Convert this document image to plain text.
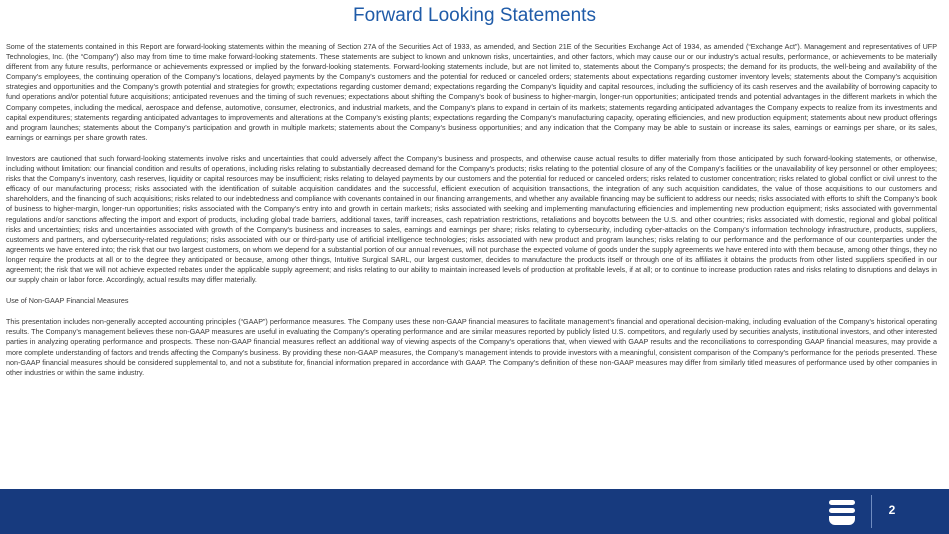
Forward Looking Statements

Some of the statements contained in this Report are forward-looking statements within the meaning of Section 27A of the Securities Act of 1933, as amended, and Section 21E of the Securities Exchange Act of 1934, as amended (“Exchange Act”). Management and representatives of UFP Technologies, Inc. (the “Company”) also may from time to time make forward-looking statements. These statements are subject to known and unknown risks, uncertainties, and other factors, which may cause our or our industry’s actual results, performance, or achievements to be materially different from any future results, performance or achievements expressed or implied by the forward-looking statements. Forward-looking statements include, but are not limited to, statements about the Company’s prospects; the demand for its products, the well-being and availability of the Company’s employees, the continuing operation of the Company’s locations, delayed payments by the Company’s customers and the potential for reduced or canceled orders; statements about expectations regarding customer inventory levels; statements about the Company’s acquisition strategies and opportunities and the Company’s growth potential and strategies for growth; expectations regarding customer demand; expectations regarding the Company’s liquidity and capital resources, including the sufficiency of its cash reserves and the availability of borrowing capacity to fund operations and/or potential future acquisitions; anticipated revenues and the timing of such revenues; expectations about shifting the Company’s book of business to higher-margin, longer-run opportunities; anticipated trends and potential advantages in the different markets in which the Company competes, including the medical, aerospace and defense, automotive, consumer, electronics, and industrial markets, and the Company’s plans to expand in certain of its markets; statements regarding anticipated advantages the Company expects to realize from its investments and capital expenditures; statements regarding anticipated advantages to improvements and alterations at the Company’s existing plants; expectations regarding the Company’s manufacturing capacity, operating efficiencies, and new production equipment; statements about new product offerings and program launches; statements about the Company’s participation and growth in multiple markets; statements about the Company’s business opportunities; and any indication that the Company may be able to sustain or increase its sales, earnings or earnings per share, or its sales, earnings or earnings per share growth rates.

Investors are cautioned that such forward-looking statements involve risks and uncertainties that could adversely affect the Company’s business and prospects, and otherwise cause actual results to differ materially from those anticipated by such forward-looking statements, or otherwise, including without limitation: our financial condition and results of operations, including risks relating to substantially decreased demand for the Company’s products; risks relating to the potential closure of any of the Company’s facilities or the unavailability of key personnel or other employees; risks that the Company’s inventory, cash reserves, liquidity or capital resources may be insufficient; risks relating to delayed payments by our customers and the potential for reduced or canceled orders; risks related to customer concentration; risks related to global conflict or civil unrest to the efficacy of our manufacturing process; risks associated with the identification of suitable acquisition candidates and the successful, efficient execution of acquisition transactions, the integration of any such acquisition candidates, the value of those acquisitions to our customers and shareholders, and the financing of such acquisitions; risks related to our indebtedness and compliance with covenants contained in our financing arrangements, and whether any available financing may be sufficient to address our needs; risks associated with efforts to shift the Company’s book of business to higher-margin, longer-run opportunities; risks associated with the Company’s entry into and growth in certain markets; risks associated with seeking and implementing manufacturing efficiencies and implementing new production equipment; risks associated with governmental regulations and/or sanctions affecting the import and export of products, including global trade barriers, additional taxes, tariff increases, cash repatriation restrictions, retaliations and boycotts between the U.S. and other countries; risks associated with domestic, regional and global political risks and uncertainties; risks and uncertainties associated with growth of the Company’s business and increases to sales, earnings and earnings per share; risks relating to cybersecurity, including cyber-attacks on the Company’s information technology infrastructure, products, suppliers, customers and partners, and cybersecurity-related regulations; risks associated with our or third-party use of artificial intelligence technologies; risks associated with new product and program launches; risks relating to our performance and the performance of our counterparties under the agreements we have entered into; the risk that our two largest customers, on whom we depend for a substantial portion of our annual revenues, will not purchase the expected volume of goods under the supply agreements we have entered into with them because, among other things, they no longer require the products at all or to the degree they anticipated or because, among other things, Intuitive Surgical SARL, our largest customer, decides to manufacture the products itself or through one of its affiliates it obtains the products from other listed suppliers specified in our agreement; the risk that we will not achieve expected rebates under the applicable supply agreement; and risks relating to our ability to maintain increased levels of production at profitable levels, if at all; or to continue to increase production rates and risks relating to disruptions and delays in our supply chain or labor force. Accordingly, actual results may differ materially.

Use of Non-GAAP Financial Measures

This presentation includes non-generally accepted accounting principles (“GAAP”) performance measures. The Company uses these non-GAAP financial measures to facilitate management’s financial and operational decision-making, including evaluation of the Company’s historical operating results. The Company’s management believes these non-GAAP measures are useful in evaluating the Company’s operating performance and are similar measures reported by publicly listed U.S. competitors, and regularly used by securities analysts, institutional investors, and other interested parties in analyzing operating performance and prospects. These non-GAAP financial measures reflect an additional way of viewing aspects of the Company’s operations that, when viewed with GAAP results and the reconciliations to corresponding GAAP financial measures, may provide a more complete understanding of factors and trends affecting the Company’s business. By providing these non-GAAP measures, the Company’s management intends to provide investors with a meaningful, consistent comparison of the Company’s performance for the periods presented. These non-GAAP financial measures should be considered supplemental to, and not a substitute for, financial information prepared in accordance with GAAP. The Company’s definition of these non-GAAP measures may differ from similarly titled measures of performance used by other companies in other industries or within the same industry.

2
